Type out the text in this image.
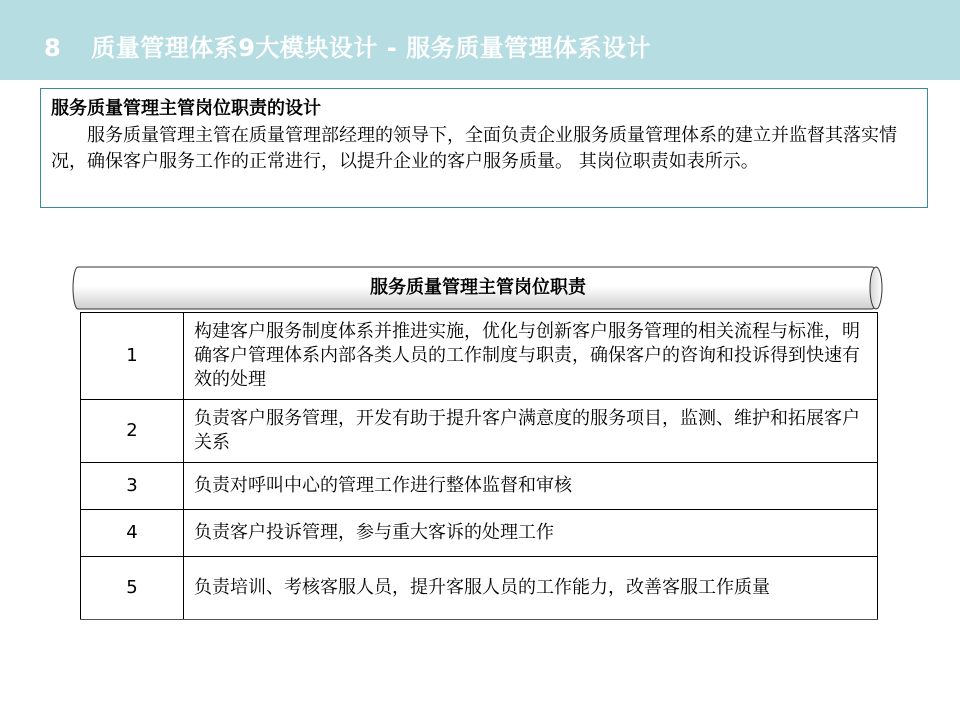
8 质量管理体系9大模块设计 - 服务质量管理体系设计
服务质量管理主管岗位职责的设计
服务质量管理主管在质量管理部经理的领导下，全面负责企业服务质量管理体系的建立并监督其落实情况，确保客户服务工作的正常进行，以提升企业的客户服务质量。 其岗位职责如表所示。
服务质量管理主管岗位职责
1	构建客户服务制度体系并推进实施，优化与创新客户服务管理的相关流程与标准，明确客户管理体系内部各类人员的工作制度与职责，确保客户的咨询和投诉得到快速有效的处理
2	负责客户服务管理，开发有助于提升客户满意度的服务项目，监测、维护和拓展客户关系
3	负责对呼叫中心的管理工作进行整体监督和审核
4	负责客户投诉管理，参与重大客诉的处理工作
5	负责培训、考核客服人员，提升客服人员的工作能力，改善客服工作质量
